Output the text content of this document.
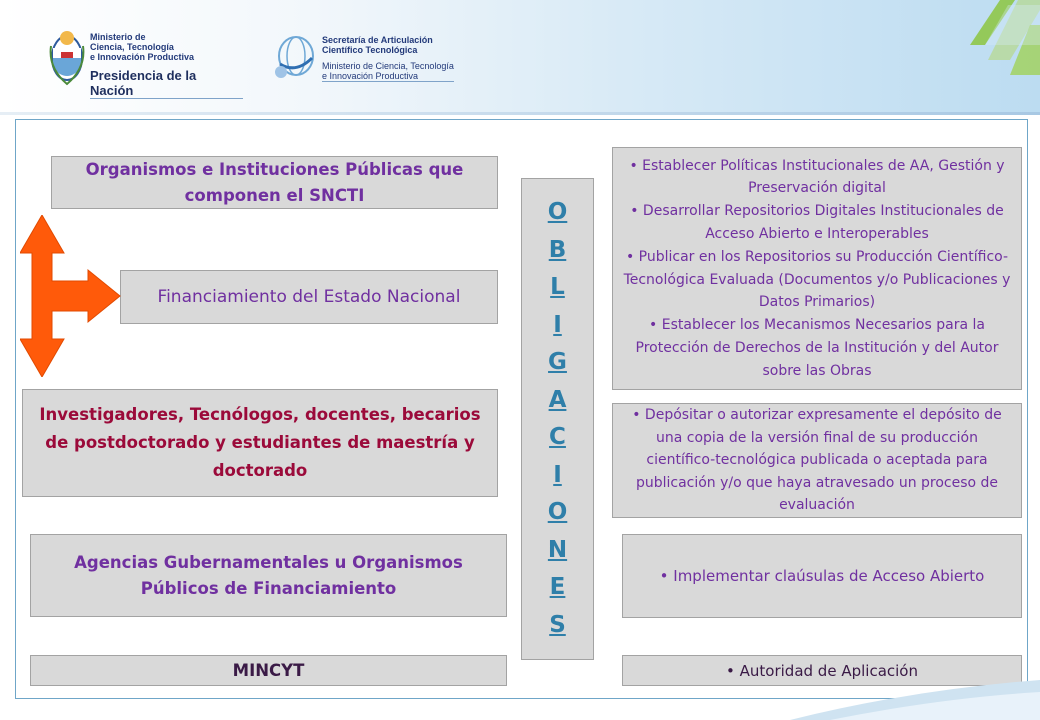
Ministerio de
Ciencia, Tecnología
e Innovación Productiva
Presidencia de la Nación
Secretaría de Articulación
Científico Tecnológica
Ministerio de Ciencia, Tecnología
e Innovación Productiva
Organismos e Instituciones Públicas que componen el SNCTI
Financiamiento del Estado Nacional
Investigadores, Tecnólogos, docentes, becarios de postdoctorado y estudiantes de maestría y doctorado
Agencias Gubernamentales u Organismos Públicos de Financiamiento
MINCYT
O
B
L
I
G
A
C
I
O
N
E
S
• Establecer Políticas Institucionales de AA, Gestión y Preservación digital
• Desarrollar Repositorios Digitales Institucionales de Acceso Abierto e Interoperables
• Publicar en los Repositorios su Producción Científico-Tecnológica Evaluada (Documentos y/o Publicaciones y Datos Primarios)
• Establecer los Mecanismos Necesarios para la Protección de Derechos de la Institución y del Autor sobre las Obras
• Depósitar o autorizar expresamente el depósito de una copia de la versión final de su producción científico-tecnológica publicada o aceptada para publicación y/o que haya atravesado un proceso de evaluación
• Implementar claúsulas de Acceso Abierto
• Autoridad de Aplicación
